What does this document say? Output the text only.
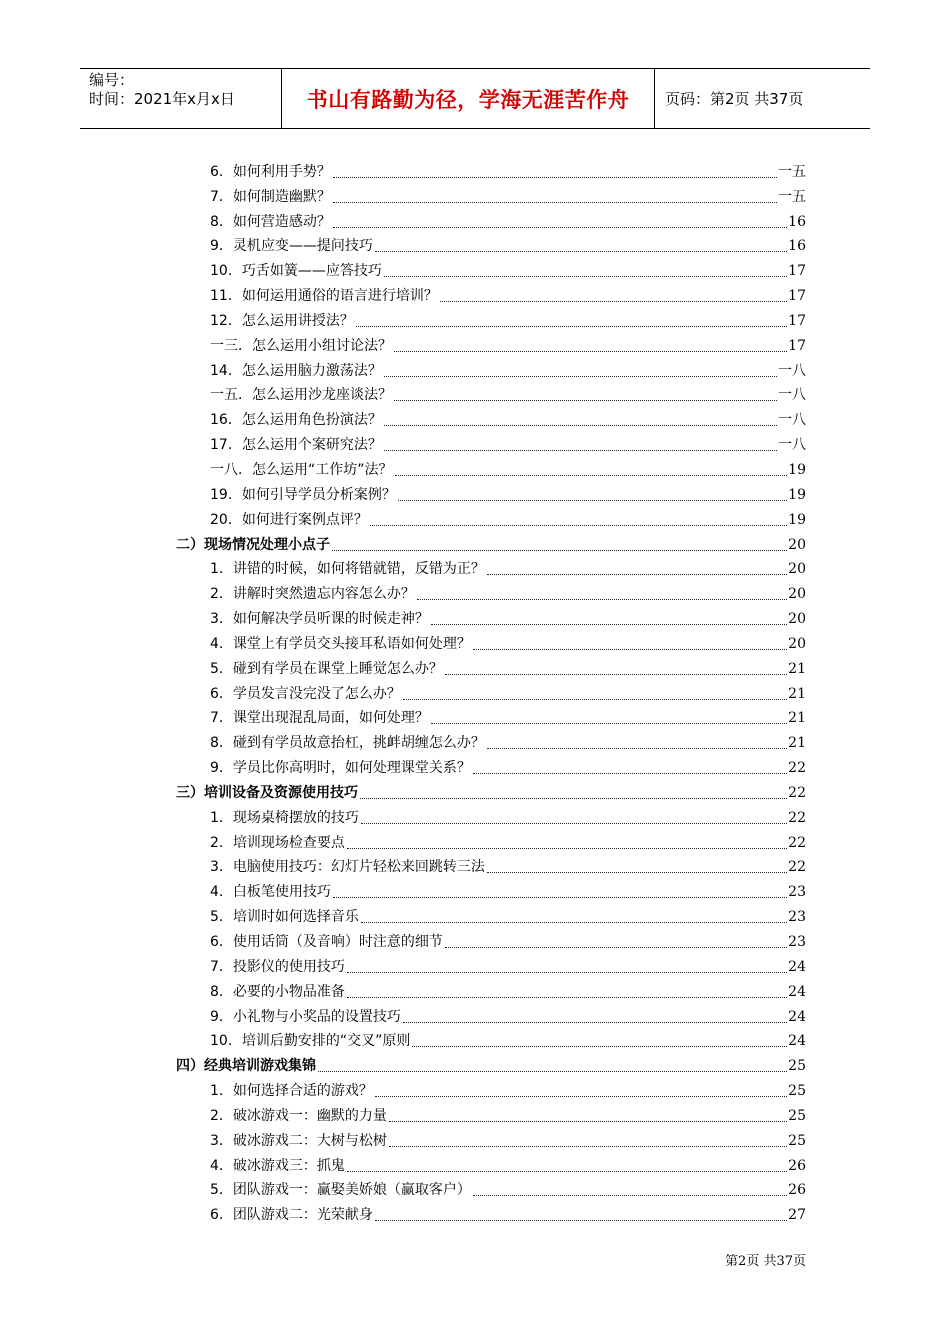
编号：
时间：2021年x月x日	书山有路勤为径，学海无涯苦作舟	页码：第2页 共37页
6．如何利用手势？	一五
7．如何制造幽默？	一五
8．如何营造感动？	16
9．灵机应变——提问技巧	16
10．巧舌如簧——应答技巧	17
11．如何运用通俗的语言进行培训？	17
12．怎么运用讲授法？	17
一三．怎么运用小组讨论法？	17
14．怎么运用脑力激荡法？	一八
一五．怎么运用沙龙座谈法？	一八
16．怎么运用角色扮演法？	一八
17．怎么运用个案研究法？	一八
一八．怎么运用“工作坊”法？	19
19．如何引导学员分析案例？	19
20．如何进行案例点评？	19
二）现场情况处理小点子	20
1．讲错的时候，如何将错就错，反错为正？	20
2．讲解时突然遗忘内容怎么办？	20
3．如何解决学员听课的时候走神？	20
4．课堂上有学员交头接耳私语如何处理？	20
5．碰到有学员在课堂上睡觉怎么办？	21
6．学员发言没完没了怎么办？	21
7．课堂出现混乱局面，如何处理？	21
8．碰到有学员故意抬杠，挑衅胡缠怎么办？	21
9．学员比你高明时，如何处理课堂关系？	22
三）培训设备及资源使用技巧	22
1．现场桌椅摆放的技巧	22
2．培训现场检查要点	22
3．电脑使用技巧：幻灯片轻松来回跳转三法	22
4．白板笔使用技巧	23
5．培训时如何选择音乐	23
6．使用话筒（及音响）时注意的细节	23
7．投影仪的使用技巧	24
8．必要的小物品准备	24
9．小礼物与小奖品的设置技巧	24
10．培训后勤安排的“交叉”原则	24
四）经典培训游戏集锦	25
1．如何选择合适的游戏？	25
2．破冰游戏一：幽默的力量	25
3．破冰游戏二：大树与松树	25
4．破冰游戏三：抓鬼	26
5．团队游戏一：赢娶美娇娘（赢取客户）	26
6．团队游戏二：光荣献身	27
第2页 共37页
